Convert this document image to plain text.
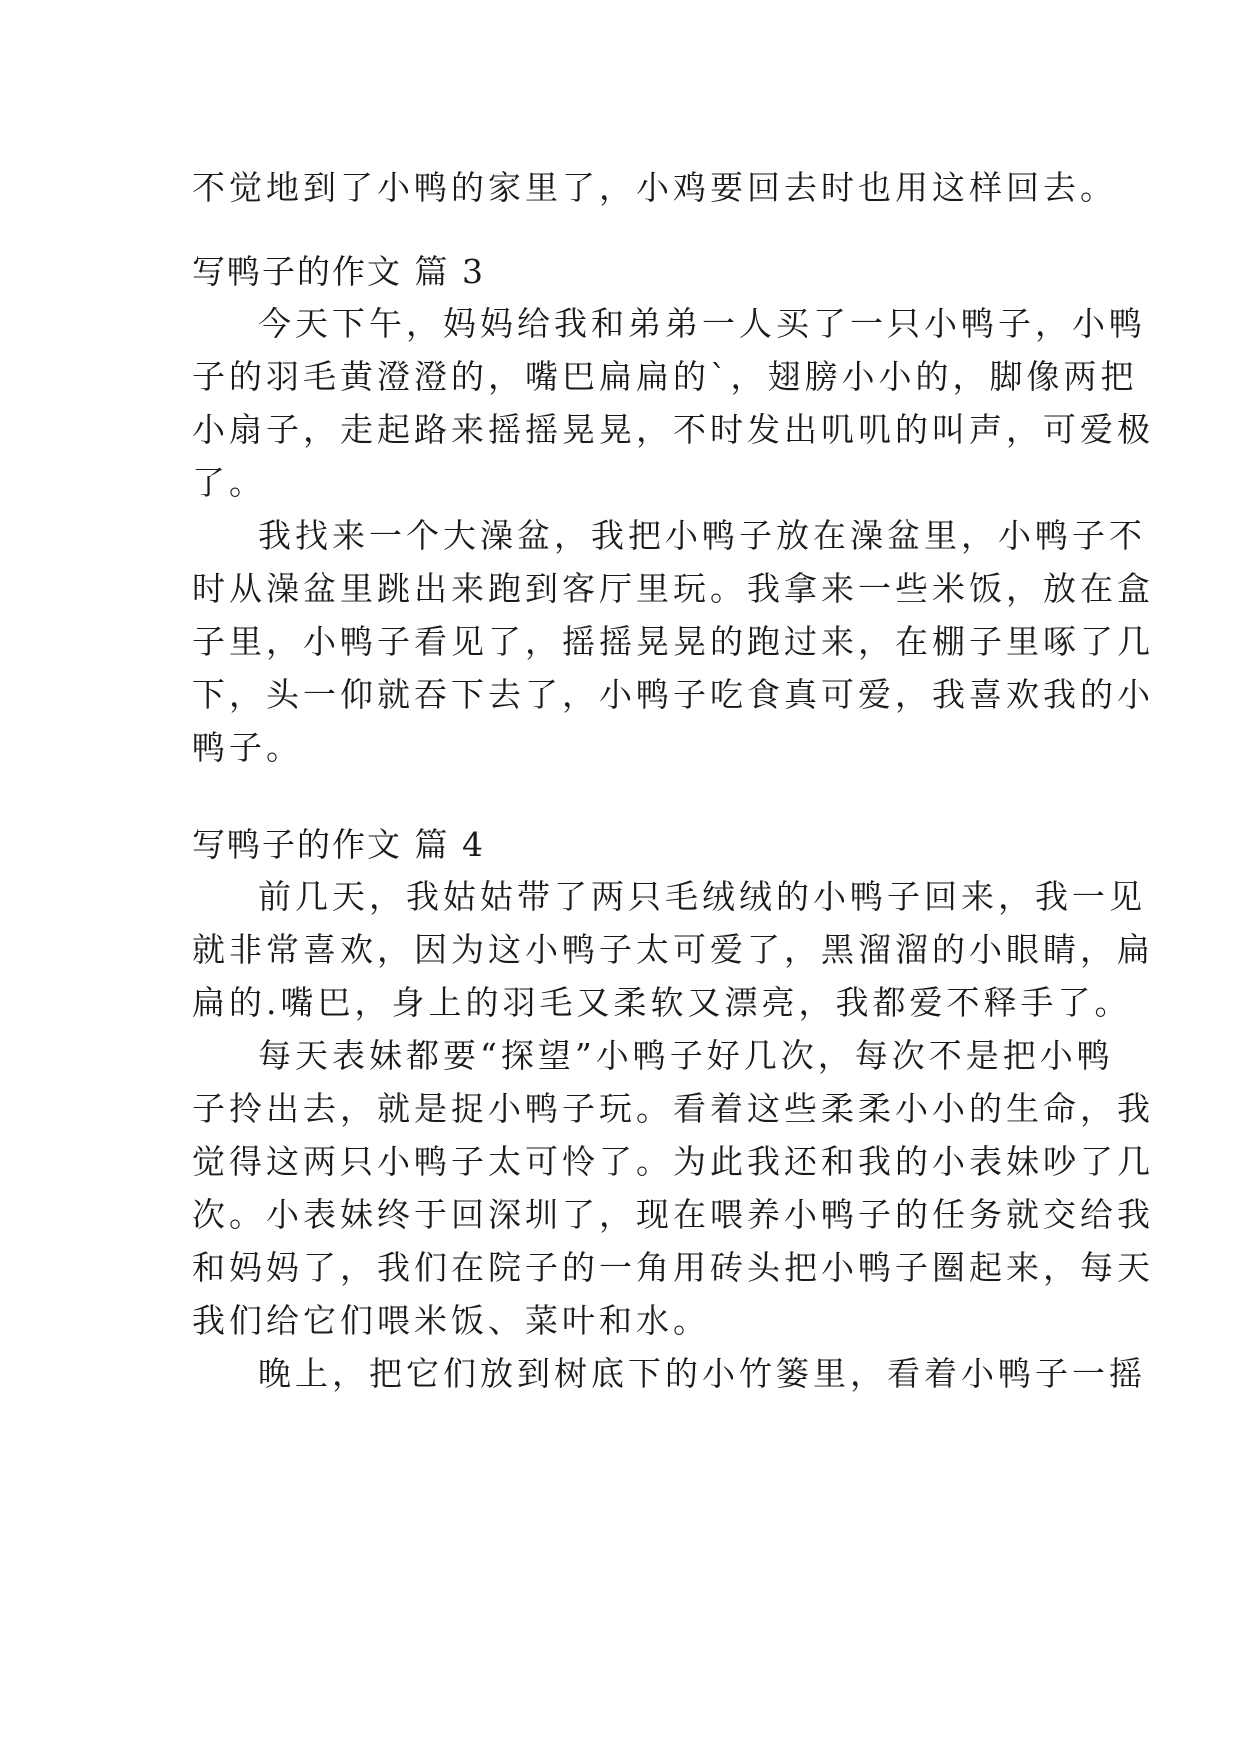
不觉地到了小鸭的家里了，小鸡要回去时也用这样回去。
写鸭子的作文 篇 3
今天下午，妈妈给我和弟弟一人买了一只小鸭子，小鸭
子的羽毛黄澄澄的，嘴巴扁扁的`，翅膀小小的，脚像两把
小扇子，走起路来摇摇晃晃，不时发出叽叽的叫声，可爱极
了。
我找来一个大澡盆，我把小鸭子放在澡盆里，小鸭子不
时从澡盆里跳出来跑到客厅里玩。我拿来一些米饭，放在盒
子里，小鸭子看见了，摇摇晃晃的跑过来，在棚子里啄了几
下，头一仰就吞下去了，小鸭子吃食真可爱，我喜欢我的小
鸭子。
写鸭子的作文 篇 4
前几天，我姑姑带了两只毛绒绒的小鸭子回来，我一见
就非常喜欢，因为这小鸭子太可爱了，黑溜溜的小眼睛，扁
扁的.嘴巴，身上的羽毛又柔软又漂亮，我都爱不释手了。
每天表妹都要“探望”小鸭子好几次，每次不是把小鸭
子拎出去，就是捉小鸭子玩。看着这些柔柔小小的生命，我
觉得这两只小鸭子太可怜了。为此我还和我的小表妹吵了几
次。小表妹终于回深圳了，现在喂养小鸭子的任务就交给我
和妈妈了，我们在院子的一角用砖头把小鸭子圈起来，每天
我们给它们喂米饭、菜叶和水。
晚上，把它们放到树底下的小竹篓里，看着小鸭子一摇
